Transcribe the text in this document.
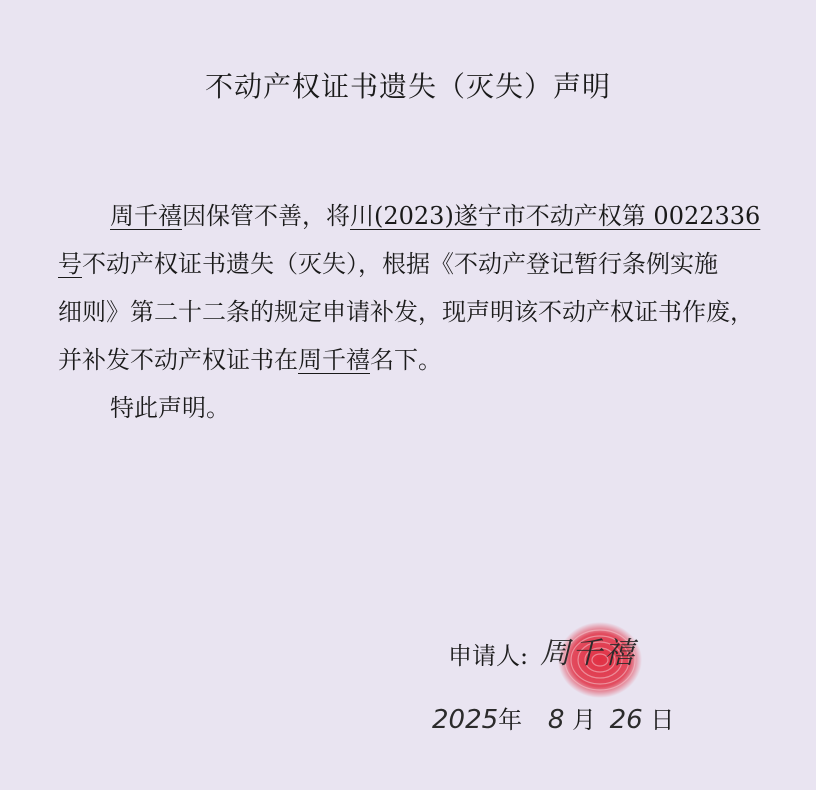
不动产权证书遗失（灭失）声明
周千禧因保管不善，将川(2023)遂宁市不动产权第 0022336
号不动产权证书遗失（灭失），根据《不动产登记暂行条例实施
细则》第二十二条的规定申请补发，现声明该不动产权证书作废，
并补发不动产权证书在周千禧名下。
特此声明。
申请人: 周千禧
2025年 8 月 26 日
